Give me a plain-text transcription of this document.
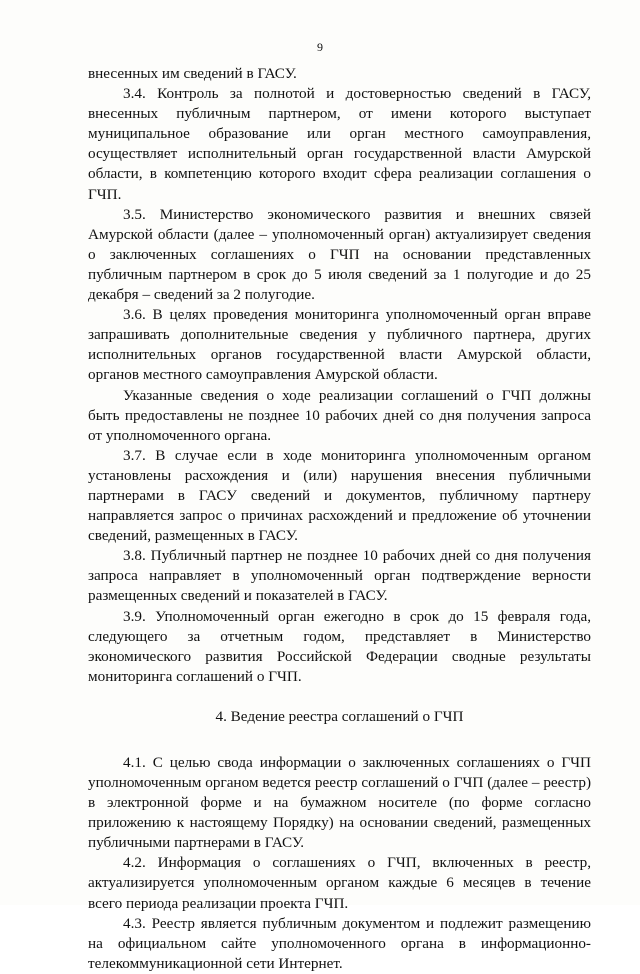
9

внесенных им сведений в ГАСУ.

3.4. Контроль за полнотой и достоверностью сведений в ГАСУ, внесенных публичным партнером, от имени которого выступает муниципальное образование или орган местного самоуправления, осуществляет исполнительный орган государственной власти Амурской области, в компетенцию которого входит сфера реализации соглашения о ГЧП.

3.5. Министерство экономического развития и внешних связей Амурской области (далее – уполномоченный орган) актуализирует сведения о заключенных соглашениях о ГЧП на основании представленных публичным партнером в срок до 5 июля сведений за 1 полугодие и до 25 декабря – сведений за 2 полугодие.

3.6. В целях проведения мониторинга уполномоченный орган вправе запрашивать дополнительные сведения у публичного партнера, других исполнительных органов государственной власти Амурской области, органов местного самоуправления Амурской области.

Указанные сведения о ходе реализации соглашений о ГЧП должны быть предоставлены не позднее 10 рабочих дней со дня получения запроса от уполномоченного органа.

3.7. В случае если в ходе мониторинга уполномоченным органом установлены расхождения и (или) нарушения внесения публичными партнерами в ГАСУ сведений и документов, публичному партнеру направляется запрос о причинах расхождений и предложение об уточнении сведений, размещенных в ГАСУ.

3.8. Публичный партнер не позднее 10 рабочих дней со дня получения запроса направляет в уполномоченный орган подтверждение верности размещенных сведений и показателей в ГАСУ.

3.9. Уполномоченный орган ежегодно в срок до 15 февраля года, следующего за отчетным годом, представляет в Министерство экономического развития Российской Федерации сводные результаты мониторинга соглашений о ГЧП.

4. Ведение реестра соглашений о ГЧП

4.1. С целью свода информации о заключенных соглашениях о ГЧП уполномоченным органом ведется реестр соглашений о ГЧП (далее – реестр) в электронной форме и на бумажном носителе (по форме согласно приложению к настоящему Порядку) на основании сведений, размещенных публичными партнерами в ГАСУ.

4.2. Информация о соглашениях о ГЧП, включенных в реестр, актуализируется уполномоченным органом каждые 6 месяцев в течение всего периода реализации проекта ГЧП.

4.3. Реестр является публичным документом и подлежит размещению на официальном сайте уполномоченного органа в информационно-телекоммуникационной сети Интернет.
